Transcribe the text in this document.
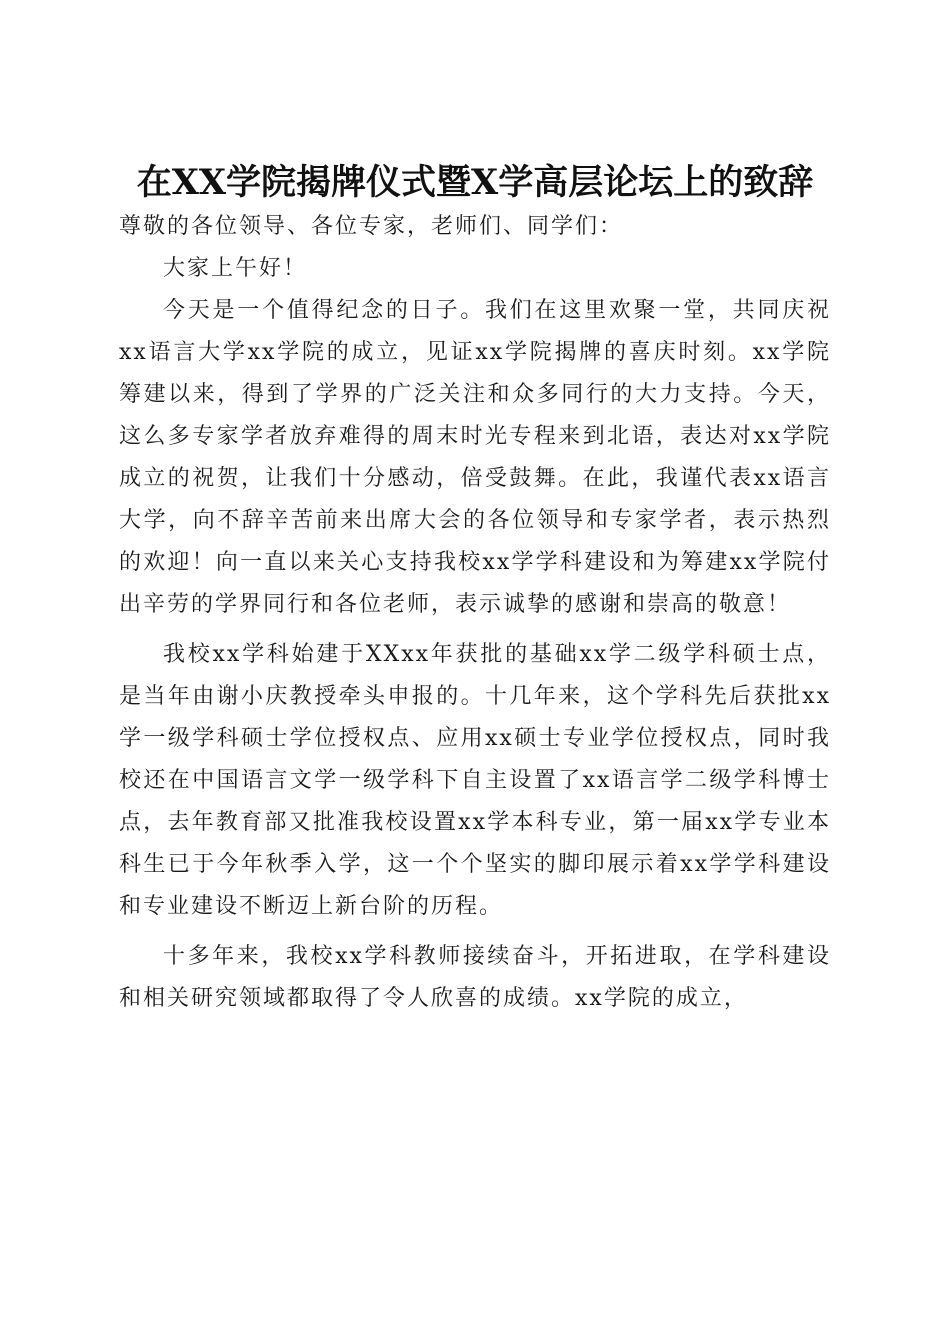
在XX学院揭牌仪式暨X学高层论坛上的致辞

尊敬的各位领导、各位专家，老师们、同学们：

大家上午好！

今天是一个值得纪念的日子。我们在这里欢聚一堂，共同庆祝xx语言大学xx学院的成立，见证xx学院揭牌的喜庆时刻。xx学院筹建以来，得到了学界的广泛关注和众多同行的大力支持。今天，这么多专家学者放弃难得的周末时光专程来到北语，表达对xx学院成立的祝贺，让我们十分感动，倍受鼓舞。在此，我谨代表xx语言大学，向不辞辛苦前来出席大会的各位领导和专家学者，表示热烈的欢迎！向一直以来关心支持我校xx学学科建设和为筹建xx学院付出辛劳的学界同行和各位老师，表示诚挚的感谢和崇高的敬意！

我校xx学科始建于XXxx年获批的基础xx学二级学科硕士点，是当年由谢小庆教授牵头申报的。十几年来，这个学科先后获批xx学一级学科硕士学位授权点、应用xx硕士专业学位授权点，同时我校还在中国语言文学一级学科下自主设置了xx语言学二级学科博士点，去年教育部又批准我校设置xx学本科专业，第一届xx学专业本科生已于今年秋季入学，这一个个坚实的脚印展示着xx学学科建设和专业建设不断迈上新台阶的历程。

十多年来，我校xx学科教师接续奋斗，开拓进取，在学科建设和相关研究领域都取得了令人欣喜的成绩。xx学院的成立，
